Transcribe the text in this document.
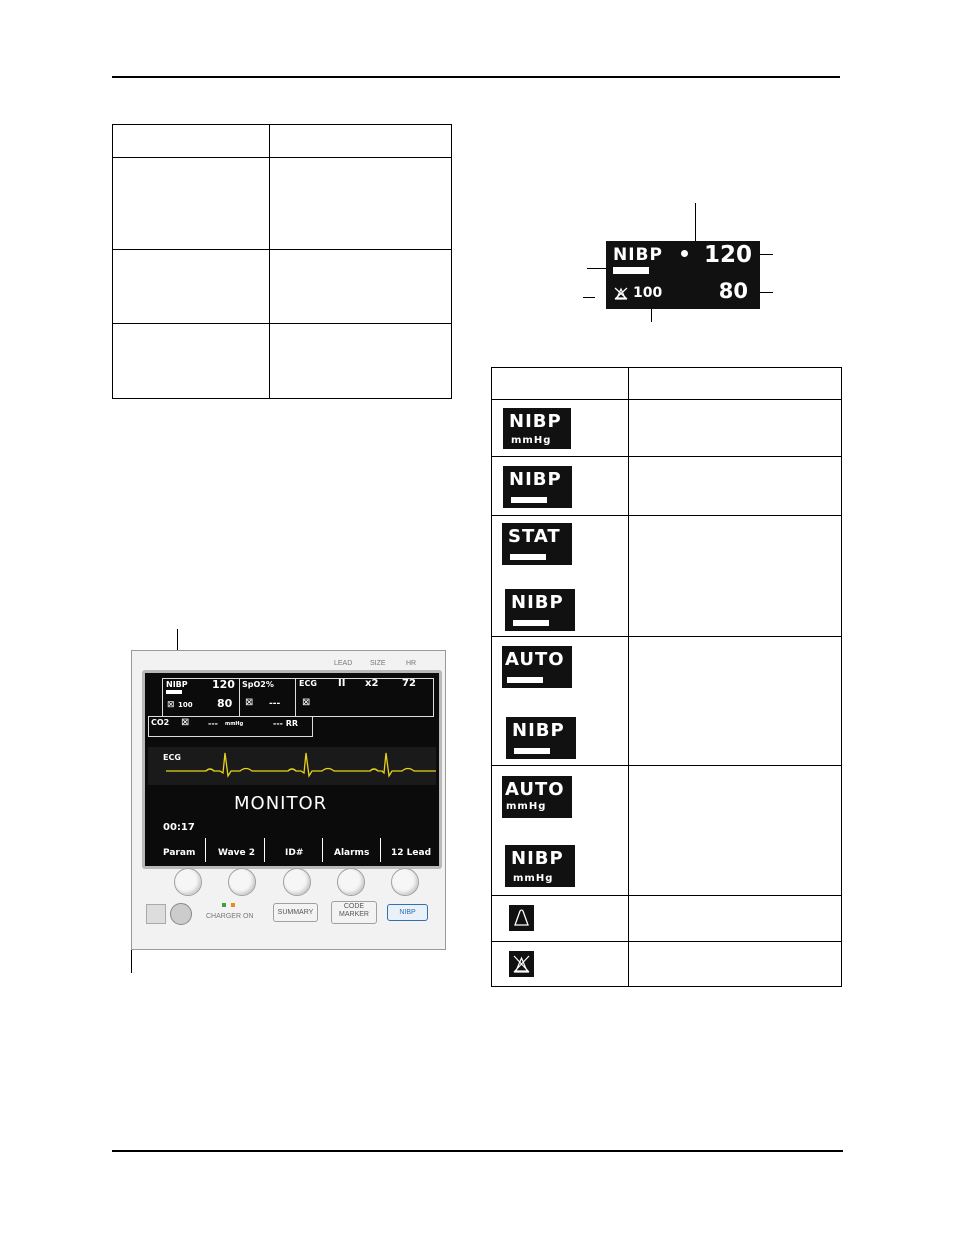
NIBP 120
100	80
NIBP
mmHg
NIBP
STAT
NIBP
AUTO
NIBP
AUTO
mmHg
NIBP
mmHg
LEAD	SIZE	HR
NIBP 120
100 80
⊠
SpO2%
⊠ ---
ECG II x2 72
⊠
CO2 ⊠ --- mmHg	--- RR
ECG
MONITOR
00:17
Param	Wave 2	ID#	Alarms 12 Lead
CHARGER ON
SUMMARY
CODE
MARKER	NIBP
